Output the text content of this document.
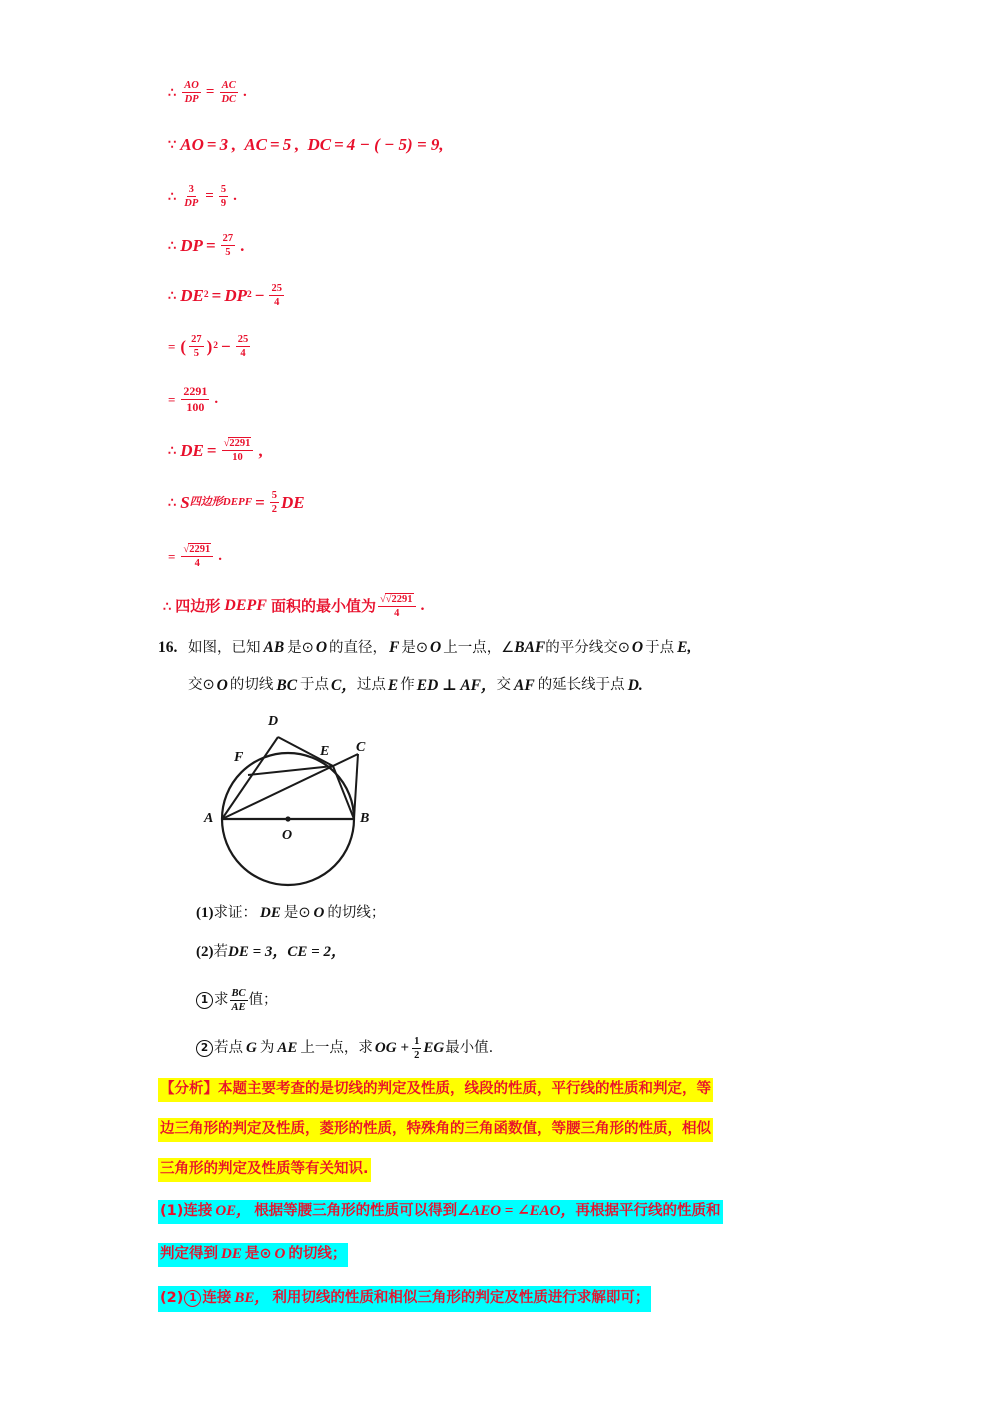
∴ $\frac{AO}{DP} = \frac{AC}{DC}$ .
∵ AO = 3 , AC = 5 , DC = 4 − ( − 5) = 9,
∴ $\frac{3}{DP} = \frac{5}{9}$ .
∴ DP = $\frac{27}{5}$ .
∴ DE 2 = DP $2 - \frac{25}{4}$
= ( $\frac{27}{5}$ ) $2 - \frac{25}{4}$
= $\frac{2291}{100}$ .
∴ DE = $\frac{√2291}{10}$ ,
∴ S 四边形DEPF = $\frac{5}{2}$ DE
= $\frac{√2291}{4}$ .
∴ 四边形 DEPF 面积的最小值为 $\frac{√√2291}{4}$ .
16. 如图，已知 AB 是⊙ O 的直径， F 是⊙ O 上一点，∠ BAF 的平分线交⊙ O 于点 E,
交⊙ O 的切线 BC 于点 C， 过点 E 作 ED ⊥ AF， 交 AF 的延长线于点 D.
D
F	E C
A	B
O
(1) 求证： DE 是⊙ O 的切线；
(2) 若 DE = 3，CE = 2，
1 求 $\frac{BC}{AE}$ 值；
2 若点 G 为 AE 上一点，求 OG + $\frac{1}{2}$ EG 最小值.
【分析】本题主要考查的是切线的判定及性质，线段的性质，平行线的性质和判定，等
边三角形的判定及性质，菱形的性质，特殊角的三角函数值，等腰三角形的性质，相似
三角形的判定及性质等有关知识.
(1)连接 OE， 根据等腰三角形的性质可以得到∠ AEO = ∠EAO， 再根据平行线的性质和
判定得到 DE 是⊙ O 的切线；
(2) 1 连接 BE， 利用切线的性质和相似三角形的判定及性质进行求解即可；
